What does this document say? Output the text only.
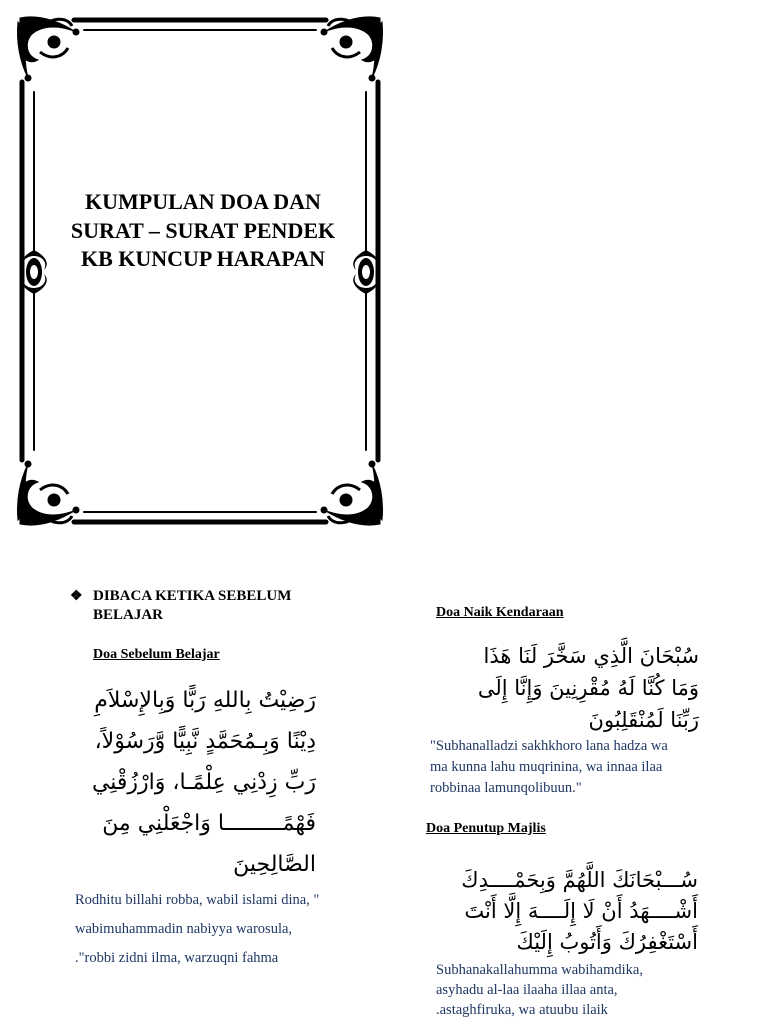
KUMPULAN DOA DAN
SURAT – SURAT PENDEK
KB KUNCUP HARAPAN
❖ DIBACA KETIKA SEBELUM
BELAJAR
Doa Sebelum Belajar
رَضِيْتُ بِاللهِ رَبًّا وَبِالإِسْلاَمِ
دِيْنًا وَبِـمُحَمَّدٍ نَّبِيًّا وَّرَسُوْلاً،
رَبِّ زِدْنِي عِلْمًـا، وَارْزُقْنِي
فَهْمًـــــــــا وَاجْعَلْنِي مِنَ
الصَّالِحِينَ
Rodhitu billahi robba, wabil islami dina, "
wabimuhammadin nabiyya warosula,
."robbi zidni ilma, warzuqni fahma
Doa Naik Kendaraan
سُبْحَانَ الَّذِي سَخَّرَ لَنَا هَذَا
وَمَا كُنَّا لَهُ مُقْرِنِينَ وَإِنَّا إِلَى
رَبِّنَا لَمُنْقَلِبُونَ
"Subhanalladzi sakhkhoro lana hadza wa
ma kunna lahu muqrinina, wa innaa ilaa
robbinaa lamunqolibuun."
Doa Penutup Majlis
سُـــبْحَانَكَ اللَّهُمَّ وَبِحَمْــــدِكَ
أَشْــــهَدُ أَنْ لَا إِلَــــهَ إِلَّا أَنْتَ
أَسْتَغْفِرُكَ وَأَتُوبُ إِلَيْكَ
Subhanakallahumma wabihamdika,
asyhadu al-laa ilaaha illaa anta,
.astaghfiruka, wa atuubu ilaik
